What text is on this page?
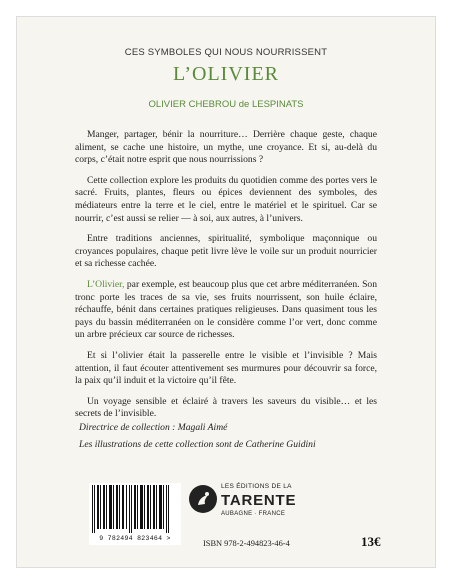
CES SYMBOLES QUI NOUS NOURRISSENT
L’OLIVIER
OLIVIER CHEBROU de LESPINATS

Manger, partager, bénir la nourriture… Derrière chaque geste, chaque aliment, se cache une histoire, un mythe, une croyance. Et si, au-delà du corps, c’était notre esprit que nous nourrissions ?

Cette collection explore les produits du quotidien comme des portes vers le sacré. Fruits, plantes, fleurs ou épices deviennent des symboles, des médiateurs entre la terre et le ciel, entre le matériel et le spirituel. Car se nourrir, c’est aussi se relier — à soi, aux autres, à l’univers.

Entre traditions anciennes, spiritualité, symbolique maçonnique ou croyances populaires, chaque petit livre lève le voile sur un produit nourricier et sa richesse cachée.

L’Olivier, par exemple, est beaucoup plus que cet arbre méditerranéen. Son tronc porte les traces de sa vie, ses fruits nourrissent, son huile éclaire, réchauffe, bénit dans certaines pratiques religieuses. Dans quasiment tous les pays du bassin méditerranéen on le considère comme l’or vert, donc comme un arbre précieux car source de richesses.

Et si l’olivier était la passerelle entre le visible et l’invisible ? Mais attention, il faut écouter attentivement ses murmures pour découvrir sa force, la paix qu’il induit et la victoire qu’il fête.

Un voyage sensible et éclairé à travers les saveurs du visible… et les secrets de l’invisible.

Directrice de collection : Magali Aimé
Les illustrations de cette collection sont de Catherine Guidini
9 782494 823464 >
LES ÉDITIONS DE LA
TARENTE
AUBAGNE · FRANCE
ISBN 978-2-494823-46-4	13€
